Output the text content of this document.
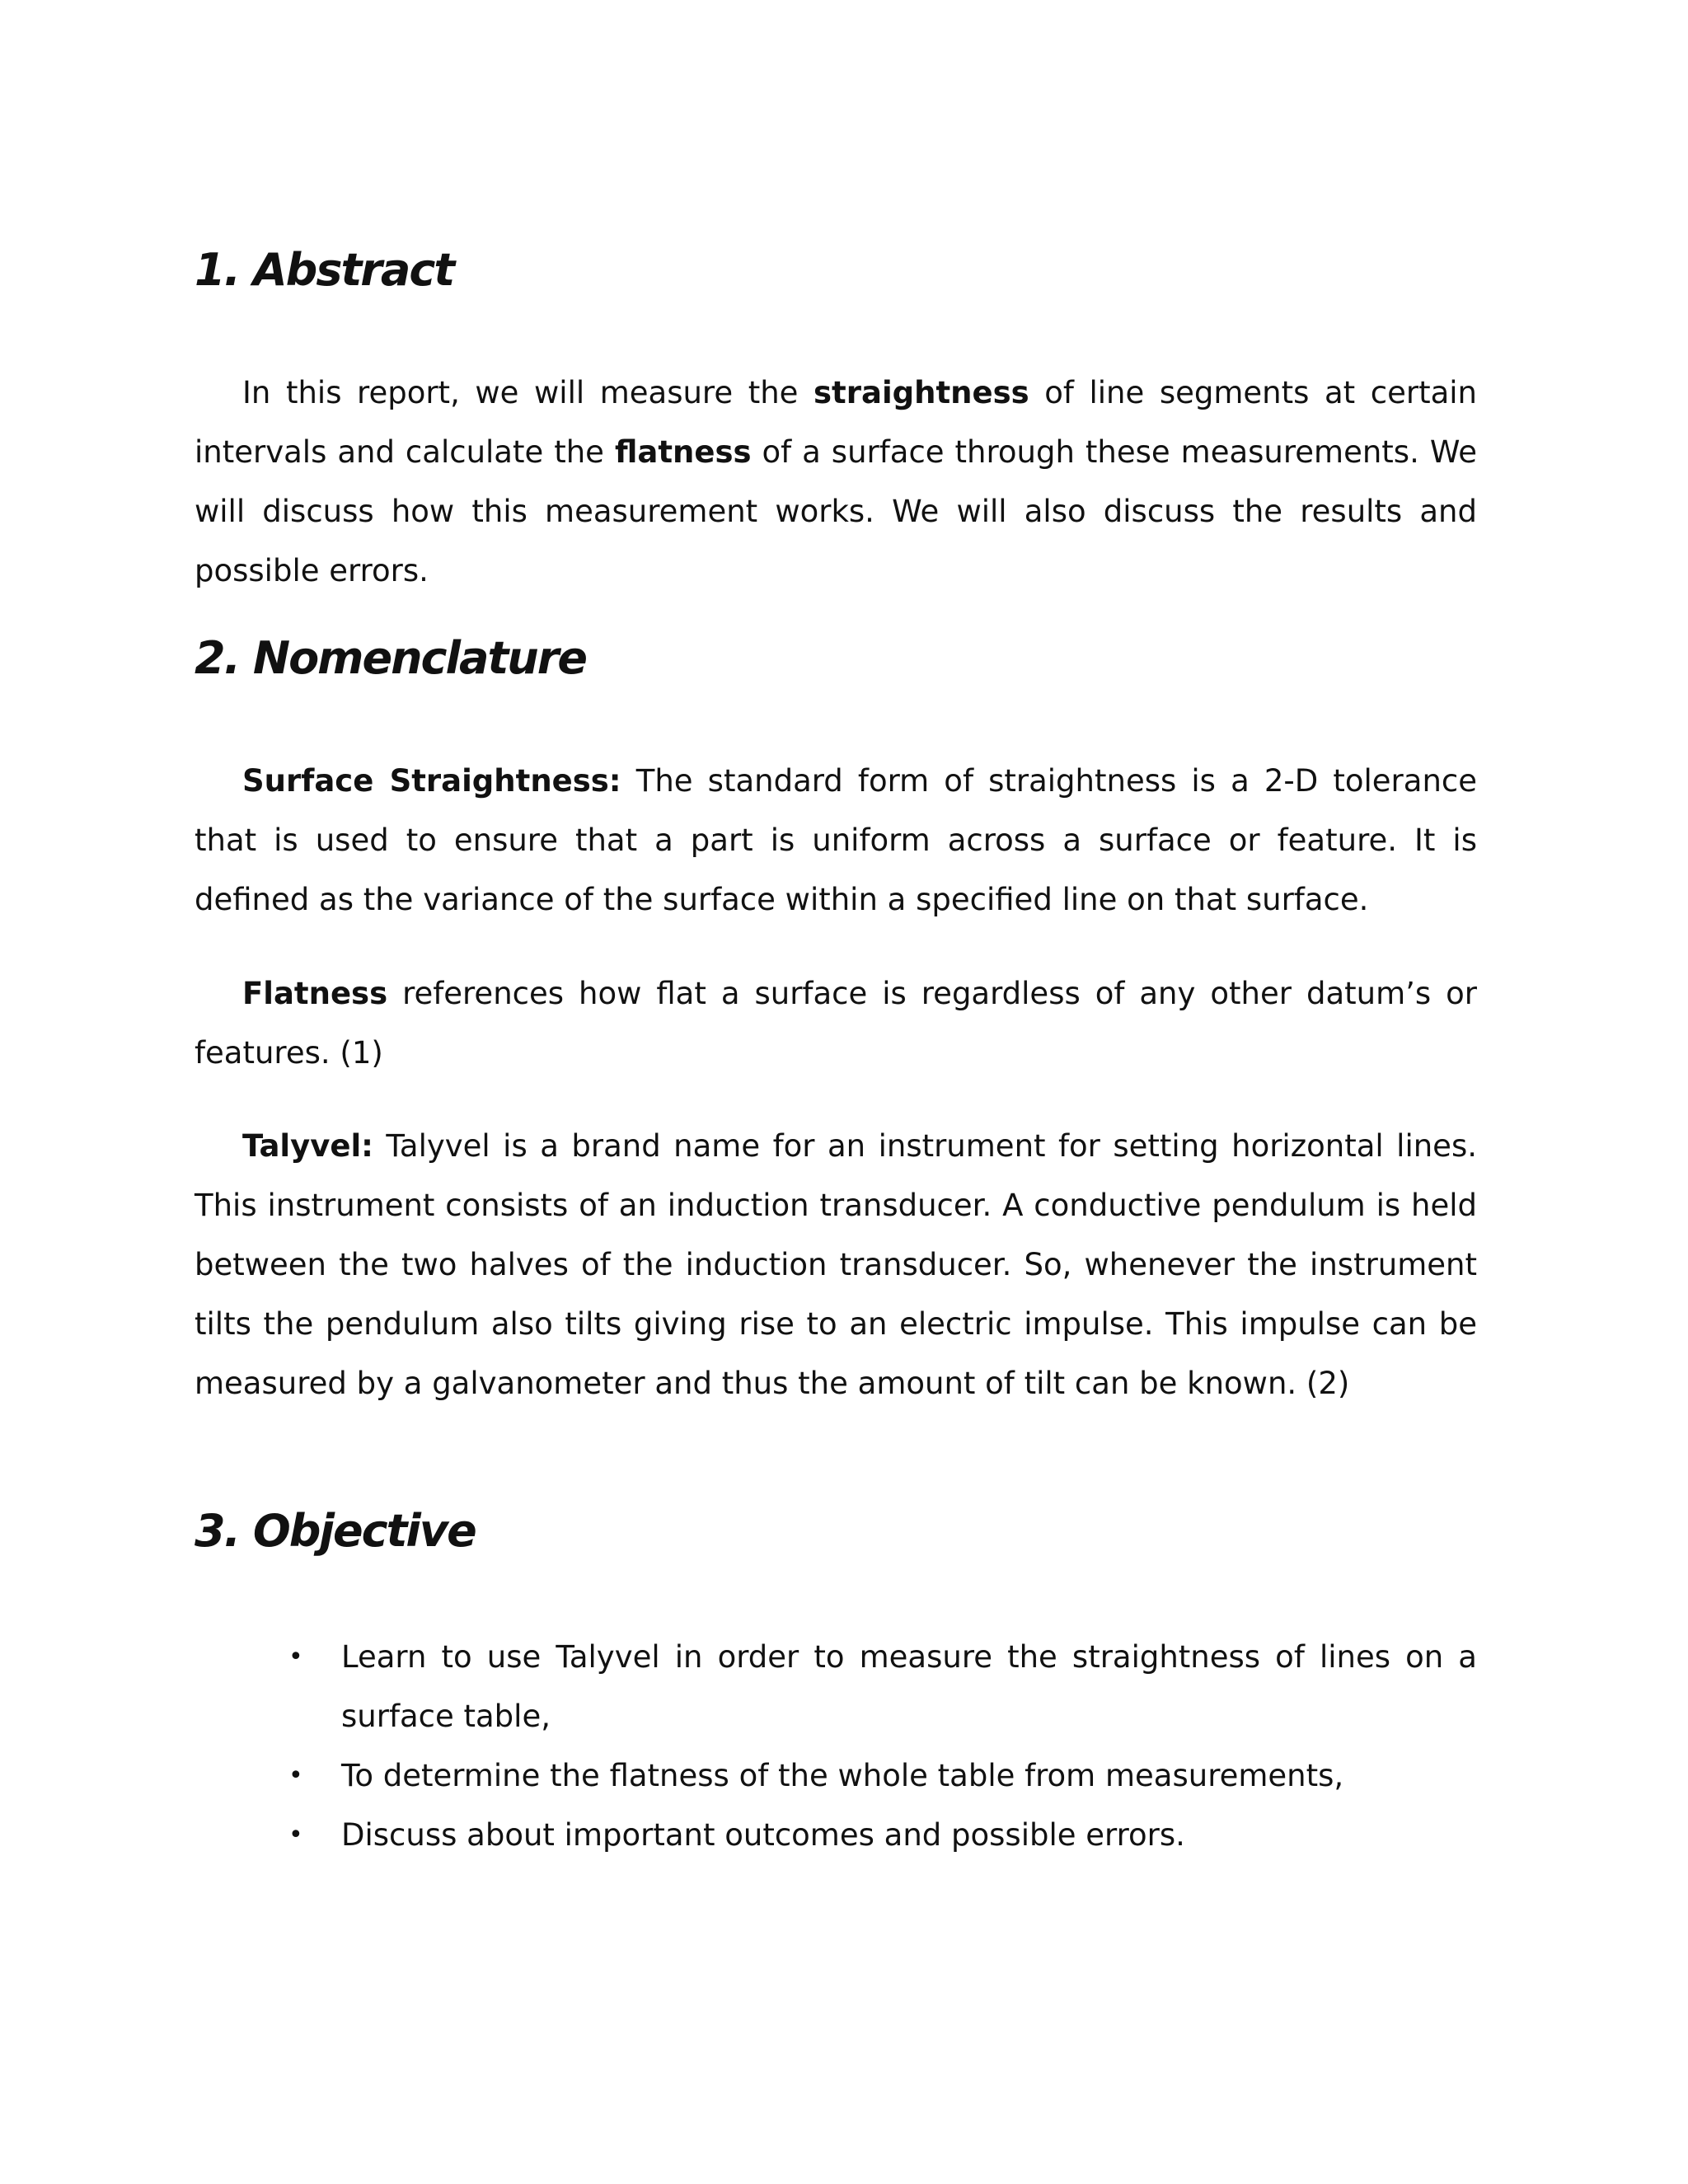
1. Abstract

In this report, we will measure the straightness of line segments at certain intervals and calculate the flatness of a surface through these measurements. We will discuss how this measurement works. We will also discuss the results and possible errors.

2. Nomenclature

Surface Straightness: The standard form of straightness is a 2-D tolerance that is used to ensure that a part is uniform across a surface or feature. It is defined as the variance of the surface within a specified line on that surface.

Flatness references how flat a surface is regardless of any other datum’s or features. (1)

Talyvel: Talyvel is a brand name for an instrument for setting horizontal lines. This instrument consists of an induction transducer. A conductive pendulum is held between the two halves of the induction transducer. So, whenever the instrument tilts the pendulum also tilts giving rise to an electric impulse. This impulse can be measured by a galvanometer and thus the amount of tilt can be known. (2)

3. Objective
• Learn to use Talyvel in order to measure the straightness of lines on a surface table,
• To determine the flatness of the whole table from measurements,
• Discuss about important outcomes and possible errors.
